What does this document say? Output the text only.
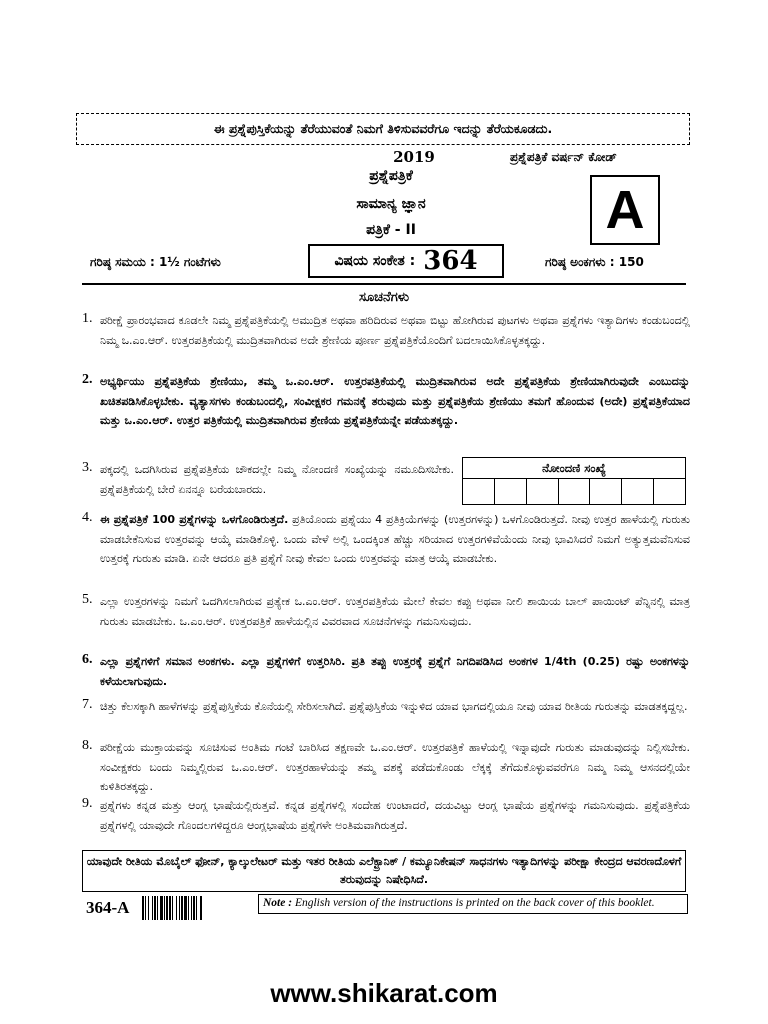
ಈ ಪ್ರಶ್ನೆಪುಸ್ತಿಕೆಯನ್ನು ತೆರೆಯುವಂತೆ ನಿಮಗೆ ತಿಳಿಸುವವರೆಗೂ ಇದನ್ನು ತೆರೆಯಕೂಡದು.
2019	ಪ್ರಶ್ನೆಪತ್ರಿಕೆ ವರ್ಷನ್ ಕೋಡ್
ಪ್ರಶ್ನೆಪತ್ರಿಕೆ
ಸಾಮಾನ್ಯ ಜ್ಞಾನ
ಪತ್ರಿಕೆ - II	A
ಗರಿಷ್ಠ ಸಮಯ : 1½ ಗಂಟೆಗಳು	ವಿಷಯ ಸಂಕೇತ : 364	ಗರಿಷ್ಠ ಅಂಕಗಳು : 150
ಸೂಚನೆಗಳು
1. ಪರೀಕ್ಷೆ ಪ್ರಾರಂಭವಾದ ಕೂಡಲೇ ನಿಮ್ಮ ಪ್ರಶ್ನೆಪತ್ರಿಕೆಯಲ್ಲಿ ಅಮುದ್ರಿತ ಅಥವಾ ಹರಿದಿರುವ ಅಥವಾ ಬಿಟ್ಟು ಹೋಗಿರುವ ಪುಟಗಳು ಅಥವಾ ಪ್ರಶ್ನೆಗಳು ಇತ್ಯಾದಿಗಳು ಕಂಡುಬಂದಲ್ಲಿ ನಿಮ್ಮ ಒ.ಎಂ.ಆರ್. ಉತ್ತರಪತ್ರಿಕೆಯಲ್ಲಿ ಮುದ್ರಿತವಾಗಿರುವ ಅದೇ ಶ್ರೇಣಿಯ ಪೂರ್ಣ ಪ್ರಶ್ನೆಪತ್ರಿಕೆಯೊಂದಿಗೆ ಬದಲಾಯಿಸಿಕೊಳ್ಳತಕ್ಕದ್ದು.
2. ಅಭ್ಯರ್ಥಿಯು ಪ್ರಶ್ನೆಪತ್ರಿಕೆಯ ಶ್ರೇಣಿಯು, ತಮ್ಮ ಒ.ಎಂ.ಆರ್. ಉತ್ತರಪತ್ರಿಕೆಯಲ್ಲಿ ಮುದ್ರಿತವಾಗಿರುವ ಅದೇ ಪ್ರಶ್ನೆಪತ್ರಿಕೆಯ ಶ್ರೇಣಿಯಾಗಿರುವುದೇ ಎಂಬುದನ್ನು ಖಚಿತಪಡಿಸಿಕೊಳ್ಳಬೇಕು. ವ್ಯತ್ಯಾಸಗಳು ಕಂಡುಬಂದಲ್ಲಿ, ಸಂವೀಕ್ಷಕರ ಗಮನಕ್ಕೆ ತರುವುದು ಮತ್ತು ಪ್ರಶ್ನೆಪತ್ರಿಕೆಯ ಶ್ರೇಣಿಯು ತಮಗೆ ಹೊಂದುವ (ಅದೇ) ಪ್ರಶ್ನೆಪತ್ರಿಕೆಯಾದ ಮತ್ತು ಒ.ಎಂ.ಆರ್. ಉತ್ತರ ಪತ್ರಿಕೆಯಲ್ಲಿ ಮುದ್ರಿತವಾಗಿರುವ ಶ್ರೇಣಿಯ ಪ್ರಶ್ನೆಪತ್ರಿಕೆಯನ್ನೇ ಪಡೆಯತಕ್ಕದ್ದು.
3. ಪಕ್ಕದಲ್ಲಿ ಒದಗಿಸಿರುವ ಪ್ರಶ್ನೆಪತ್ರಿಕೆಯ ಚೌಕದಲ್ಲೇ ನಿಮ್ಮ ನೋಂದಣಿ ಸಂಖ್ಯೆಯನ್ನು ನಮೂದಿಸಬೇಕು. ಪ್ರಶ್ನೆಪತ್ರಿಕೆಯಲ್ಲಿ ಬೇರೆ ಏನನ್ನೂ ಬರೆಯಬಾರದು.
ನೋಂದಣಿ ಸಂಖ್ಯೆ
4. ಈ ಪ್ರಶ್ನೆಪತ್ರಿಕೆ 100 ಪ್ರಶ್ನೆಗಳನ್ನು ಒಳಗೊಂಡಿರುತ್ತದೆ. ಪ್ರತಿಯೊಂದು ಪ್ರಶ್ನೆಯು 4 ಪ್ರತಿಕ್ರಿಯೆಗಳನ್ನು (ಉತ್ತರಗಳನ್ನು) ಒಳಗೊಂಡಿರುತ್ತದೆ. ನೀವು ಉತ್ತರ ಹಾಳೆಯಲ್ಲಿ ಗುರುತು ಮಾಡಬೇಕೆನಿಸುವ ಉತ್ತರವನ್ನು ಆಯ್ಕೆ ಮಾಡಿಕೊಳ್ಳಿ. ಒಂದು ವೇಳೆ ಅಲ್ಲಿ ಒಂದಕ್ಕಿಂತ ಹೆಚ್ಚು ಸರಿಯಾದ ಉತ್ತರಗಳಿವೆಯೆಂದು ನೀವು ಭಾವಿಸಿದರೆ ನಿಮಗೆ ಅತ್ಯುತ್ತಮವೆನಿಸುವ ಉತ್ತರಕ್ಕೆ ಗುರುತು ಮಾಡಿ. ಏನೇ ಆದರೂ ಪ್ರತಿ ಪ್ರಶ್ನೆಗೆ ನೀವು ಕೇವಲ ಒಂದು ಉತ್ತರವನ್ನು ಮಾತ್ರ ಆಯ್ಕೆ ಮಾಡಬೇಕು.
5. ಎಲ್ಲಾ ಉತ್ತರಗಳನ್ನು ನಿಮಗೆ ಒದಗಿಸಲಾಗಿರುವ ಪ್ರತ್ಯೇಕ ಒ.ಎಂ.ಆರ್. ಉತ್ತರಪತ್ರಿಕೆಯ ಮೇಲೆ ಕೇವಲ ಕಪ್ಪು ಅಥವಾ ನೀಲಿ ಶಾಯಿಯ ಬಾಲ್ ಪಾಯಿಂಟ್ ಪೆನ್ನಿನಲ್ಲಿ ಮಾತ್ರ ಗುರುತು ಮಾಡಬೇಕು. ಒ.ಎಂ.ಆರ್. ಉತ್ತರಪತ್ರಿಕೆ ಹಾಳೆಯಲ್ಲಿನ ವಿವರವಾದ ಸೂಚನೆಗಳನ್ನು ಗಮನಿಸುವುದು.
6. ಎಲ್ಲಾ ಪ್ರಶ್ನೆಗಳಿಗೆ ಸಮಾನ ಅಂಕಗಳು. ಎಲ್ಲಾ ಪ್ರಶ್ನೆಗಳಿಗೆ ಉತ್ತರಿಸಿರಿ. ಪ್ರತಿ ತಪ್ಪು ಉತ್ತರಕ್ಕೆ ಪ್ರಶ್ನೆಗೆ ನಿಗದಿಪಡಿಸಿದ ಅಂಕಗಳ 1/4th (0.25) ರಷ್ಟು ಅಂಕಗಳನ್ನು ಕಳೆಯಲಾಗುವುದು.
7. ಚಿತ್ತು ಕೆಲಸಕ್ಕಾಗಿ ಹಾಳೆಗಳನ್ನು ಪ್ರಶ್ನೆಪುಸ್ತಿಕೆಯ ಕೊನೆಯಲ್ಲಿ ಸೇರಿಸಲಾಗಿದೆ. ಪ್ರಶ್ನೆಪುಸ್ತಿಕೆಯ ಇನ್ನುಳಿದ ಯಾವ ಭಾಗದಲ್ಲಿಯೂ ನೀವು ಯಾವ ರೀತಿಯ ಗುರುತನ್ನು ಮಾಡತಕ್ಕದ್ದಲ್ಲ.
8. ಪರೀಕ್ಷೆಯ ಮುಕ್ತಾಯವನ್ನು ಸೂಚಿಸುವ ಅಂತಿಮ ಗಂಟೆ ಬಾರಿಸಿದ ತಕ್ಷಣವೇ ಒ.ಎಂ.ಆರ್. ಉತ್ತರಪತ್ರಿಕೆ ಹಾಳೆಯಲ್ಲಿ ಇನ್ನಾವುದೇ ಗುರುತು ಮಾಡುವುದನ್ನು ನಿಲ್ಲಿಸಬೇಕು. ಸಂವೀಕ್ಷಕರು ಬಂದು ನಿಮ್ಮಲ್ಲಿರುವ ಒ.ಎಂ.ಆರ್. ಉತ್ತರಹಾಳೆಯನ್ನು ತಮ್ಮ ವಶಕ್ಕೆ ಪಡೆದುಕೊಂಡು ಲೆಕ್ಕಕ್ಕೆ ತೆಗೆದುಕೊಳ್ಳುವವರೆಗೂ ನಿಮ್ಮ ನಿಮ್ಮ ಆಸನದಲ್ಲಿಯೇ ಕುಳಿತಿರತಕ್ಕದ್ದು.
9. ಪ್ರಶ್ನೆಗಳು ಕನ್ನಡ ಮತ್ತು ಆಂಗ್ಲ ಭಾಷೆಯಲ್ಲಿರುತ್ತವೆ. ಕನ್ನಡ ಪ್ರಶ್ನೆಗಳಲ್ಲಿ ಸಂದೇಹ ಉಂಟಾದರೆ, ದಯವಿಟ್ಟು ಆಂಗ್ಲ ಭಾಷೆಯ ಪ್ರಶ್ನೆಗಳನ್ನು ಗಮನಿಸುವುದು. ಪ್ರಶ್ನೆಪತ್ರಿಕೆಯ ಪ್ರಶ್ನೆಗಳಲ್ಲಿ ಯಾವುದೇ ಗೊಂದಲಗಳಿದ್ದರೂ ಆಂಗ್ಲಭಾಷೆಯ ಪ್ರಶ್ನೆಗಳೇ ಅಂತಿಮವಾಗಿರುತ್ತದೆ.
ಯಾವುದೇ ರೀತಿಯ ಮೊಬೈಲ್ ಫೋನ್, ಕ್ಯಾಲ್ಕುಲೇಟರ್ ಮತ್ತು ಇತರ ರೀತಿಯ ಎಲೆಕ್ಟ್ರಾನಿಕ್ / ಕಮ್ಯೂನಿಕೇಷನ್ ಸಾಧನಗಳು ಇತ್ಯಾದಿಗಳನ್ನು ಪರೀಕ್ಷಾ ಕೇಂದ್ರದ ಆವರಣದೊಳಗೆ ತರುವುದನ್ನು ನಿಷೇಧಿಸಿದೆ.
364-A	Note : English version of the instructions is printed on the back cover of this booklet.
www.shikarat.com
